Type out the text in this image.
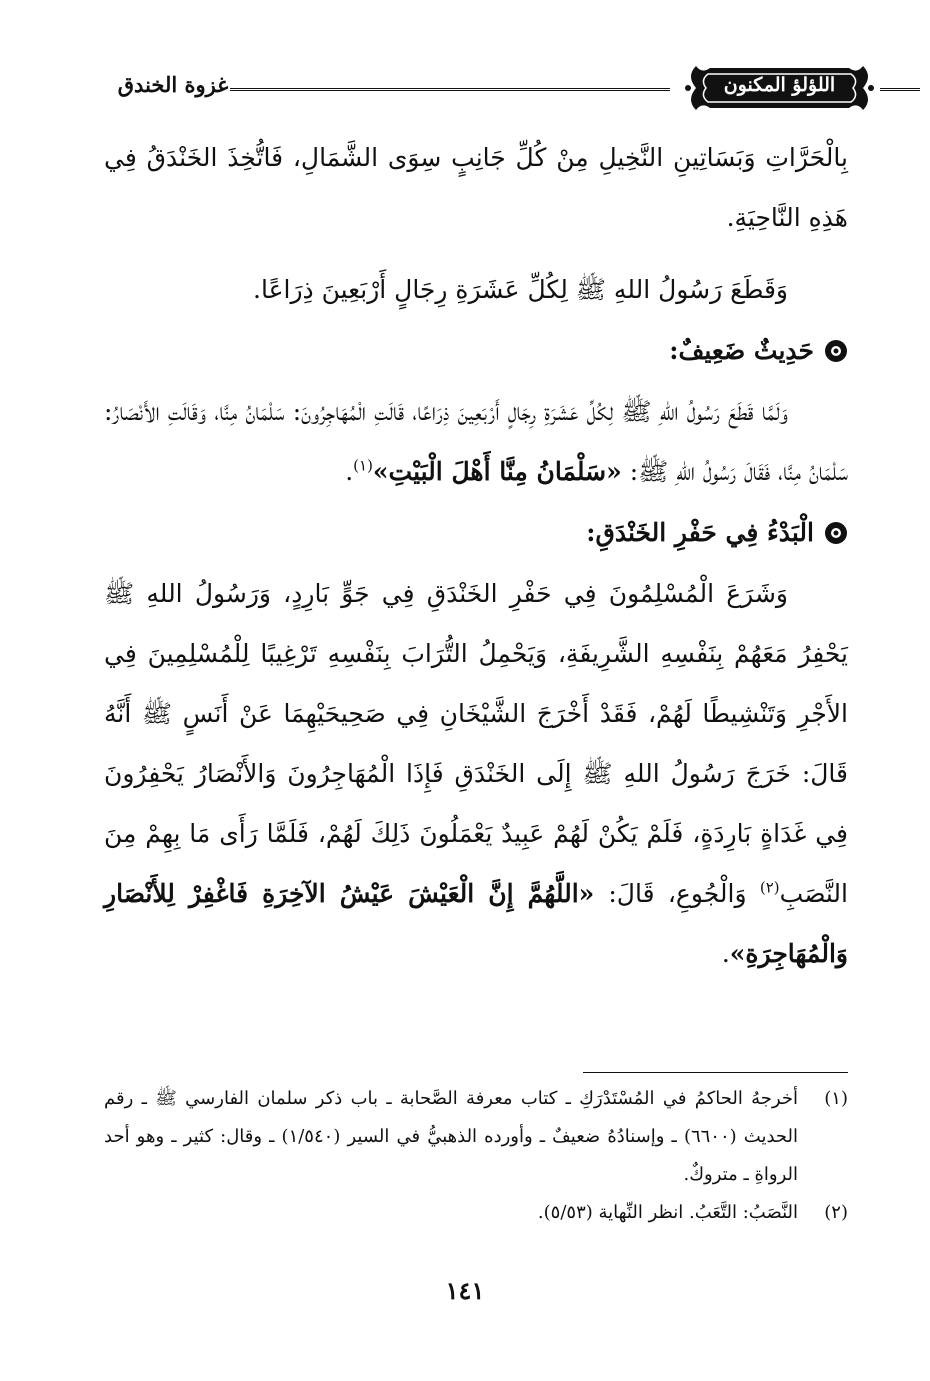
غزوة الخندق	اللؤلؤ المكنون

بِالْحَرَّاتِ وَبَسَاتِينِ النَّخِيلِ مِنْ كُلِّ جَانِبٍ سِوَى الشَّمَالِ، فَاتُّخِذَ الخَنْدَقُ فِي هَذِهِ النَّاحِيَةِ.

وَقَطَعَ رَسُولُ اللهِ ﷺ لِكُلِّ عَشَرَةِ رِجَالٍ أَرْبَعِينَ ذِرَاعًا.

حَدِيثٌ ضَعِيفٌ:

وَلَمَّا قَطَعَ رَسُولُ اللهِ ﷺ لِكُلِّ عَشَرَةِ رِجَالٍ أَرْبَعِينَ ذِرَاعًا، قَالَتِ الْمُهَاجِرُونَ: سَلْمَانُ مِنَّا، وَقَالَتِ الأَنْصَارُ: سَلْمَانُ مِنَّا، فَقَالَ رَسُولُ اللهِ ﷺ: «سَلْمَانُ مِنَّا أَهْلَ الْبَيْتِ»$^{(١)}$.

الْبَدْءُ فِي حَفْرِ الخَنْدَقِ:

وَشَرَعَ الْمُسْلِمُونَ فِي حَفْرِ الخَنْدَقِ فِي جَوٍّ بَارِدٍ، وَرَسُولُ اللهِ ﷺ يَحْفِرُ مَعَهُمْ بِنَفْسِهِ الشَّرِيفَةِ، وَيَحْمِلُ التُّرَابَ بِنَفْسِهِ تَرْغِيبًا لِلْمُسْلِمِينَ فِي الأَجْرِ وَتَنْشِيطًا لَهُمْ، فَقَدْ أَخْرَجَ الشَّيْخَانِ فِي صَحِيحَيْهِمَا عَنْ أَنَسٍ ﷺ أَنَّهُ قَالَ: خَرَجَ رَسُولُ اللهِ ﷺ إِلَى الخَنْدَقِ فَإِذَا الْمُهَاجِرُونَ وَالأَنْصَارُ يَحْفِرُونَ فِي غَدَاةٍ بَارِدَةٍ، فَلَمْ يَكُنْ لَهُمْ عَبِيدٌ يَعْمَلُونَ ذَلِكَ لَهُمْ، فَلَمَّا رَأَى مَا بِهِمْ مِنَ النَّصَبِ$^{(٢)}$ وَالْجُوعِ، قَالَ: «اللَّهُمَّ إِنَّ الْعَيْشَ عَيْشُ الآخِرَةِ فَاغْفِرْ لِلأَنْصَارِ وَالْمُهَاجِرَةِ».

(١)
أخرجهُ الحاكمُ في المُسْتَدْرَكِ ـ كتاب معرفة الصَّحابة ـ باب ذكر سلمان الفارسي ﷺ ـ رقم الحديث (٦٦٠٠) ـ وإسنادُهُ ضعيفٌ ـ وأورده الذهبيُّ في السير (١/٥٤٠) ـ وقال: كثير ـ وهو أحد الرواةِ ـ متروكٌ.

(٢)
النَّصَبُ: التَّعَبُ. انظر النِّهاية (٥/٥٣).

١٤١
